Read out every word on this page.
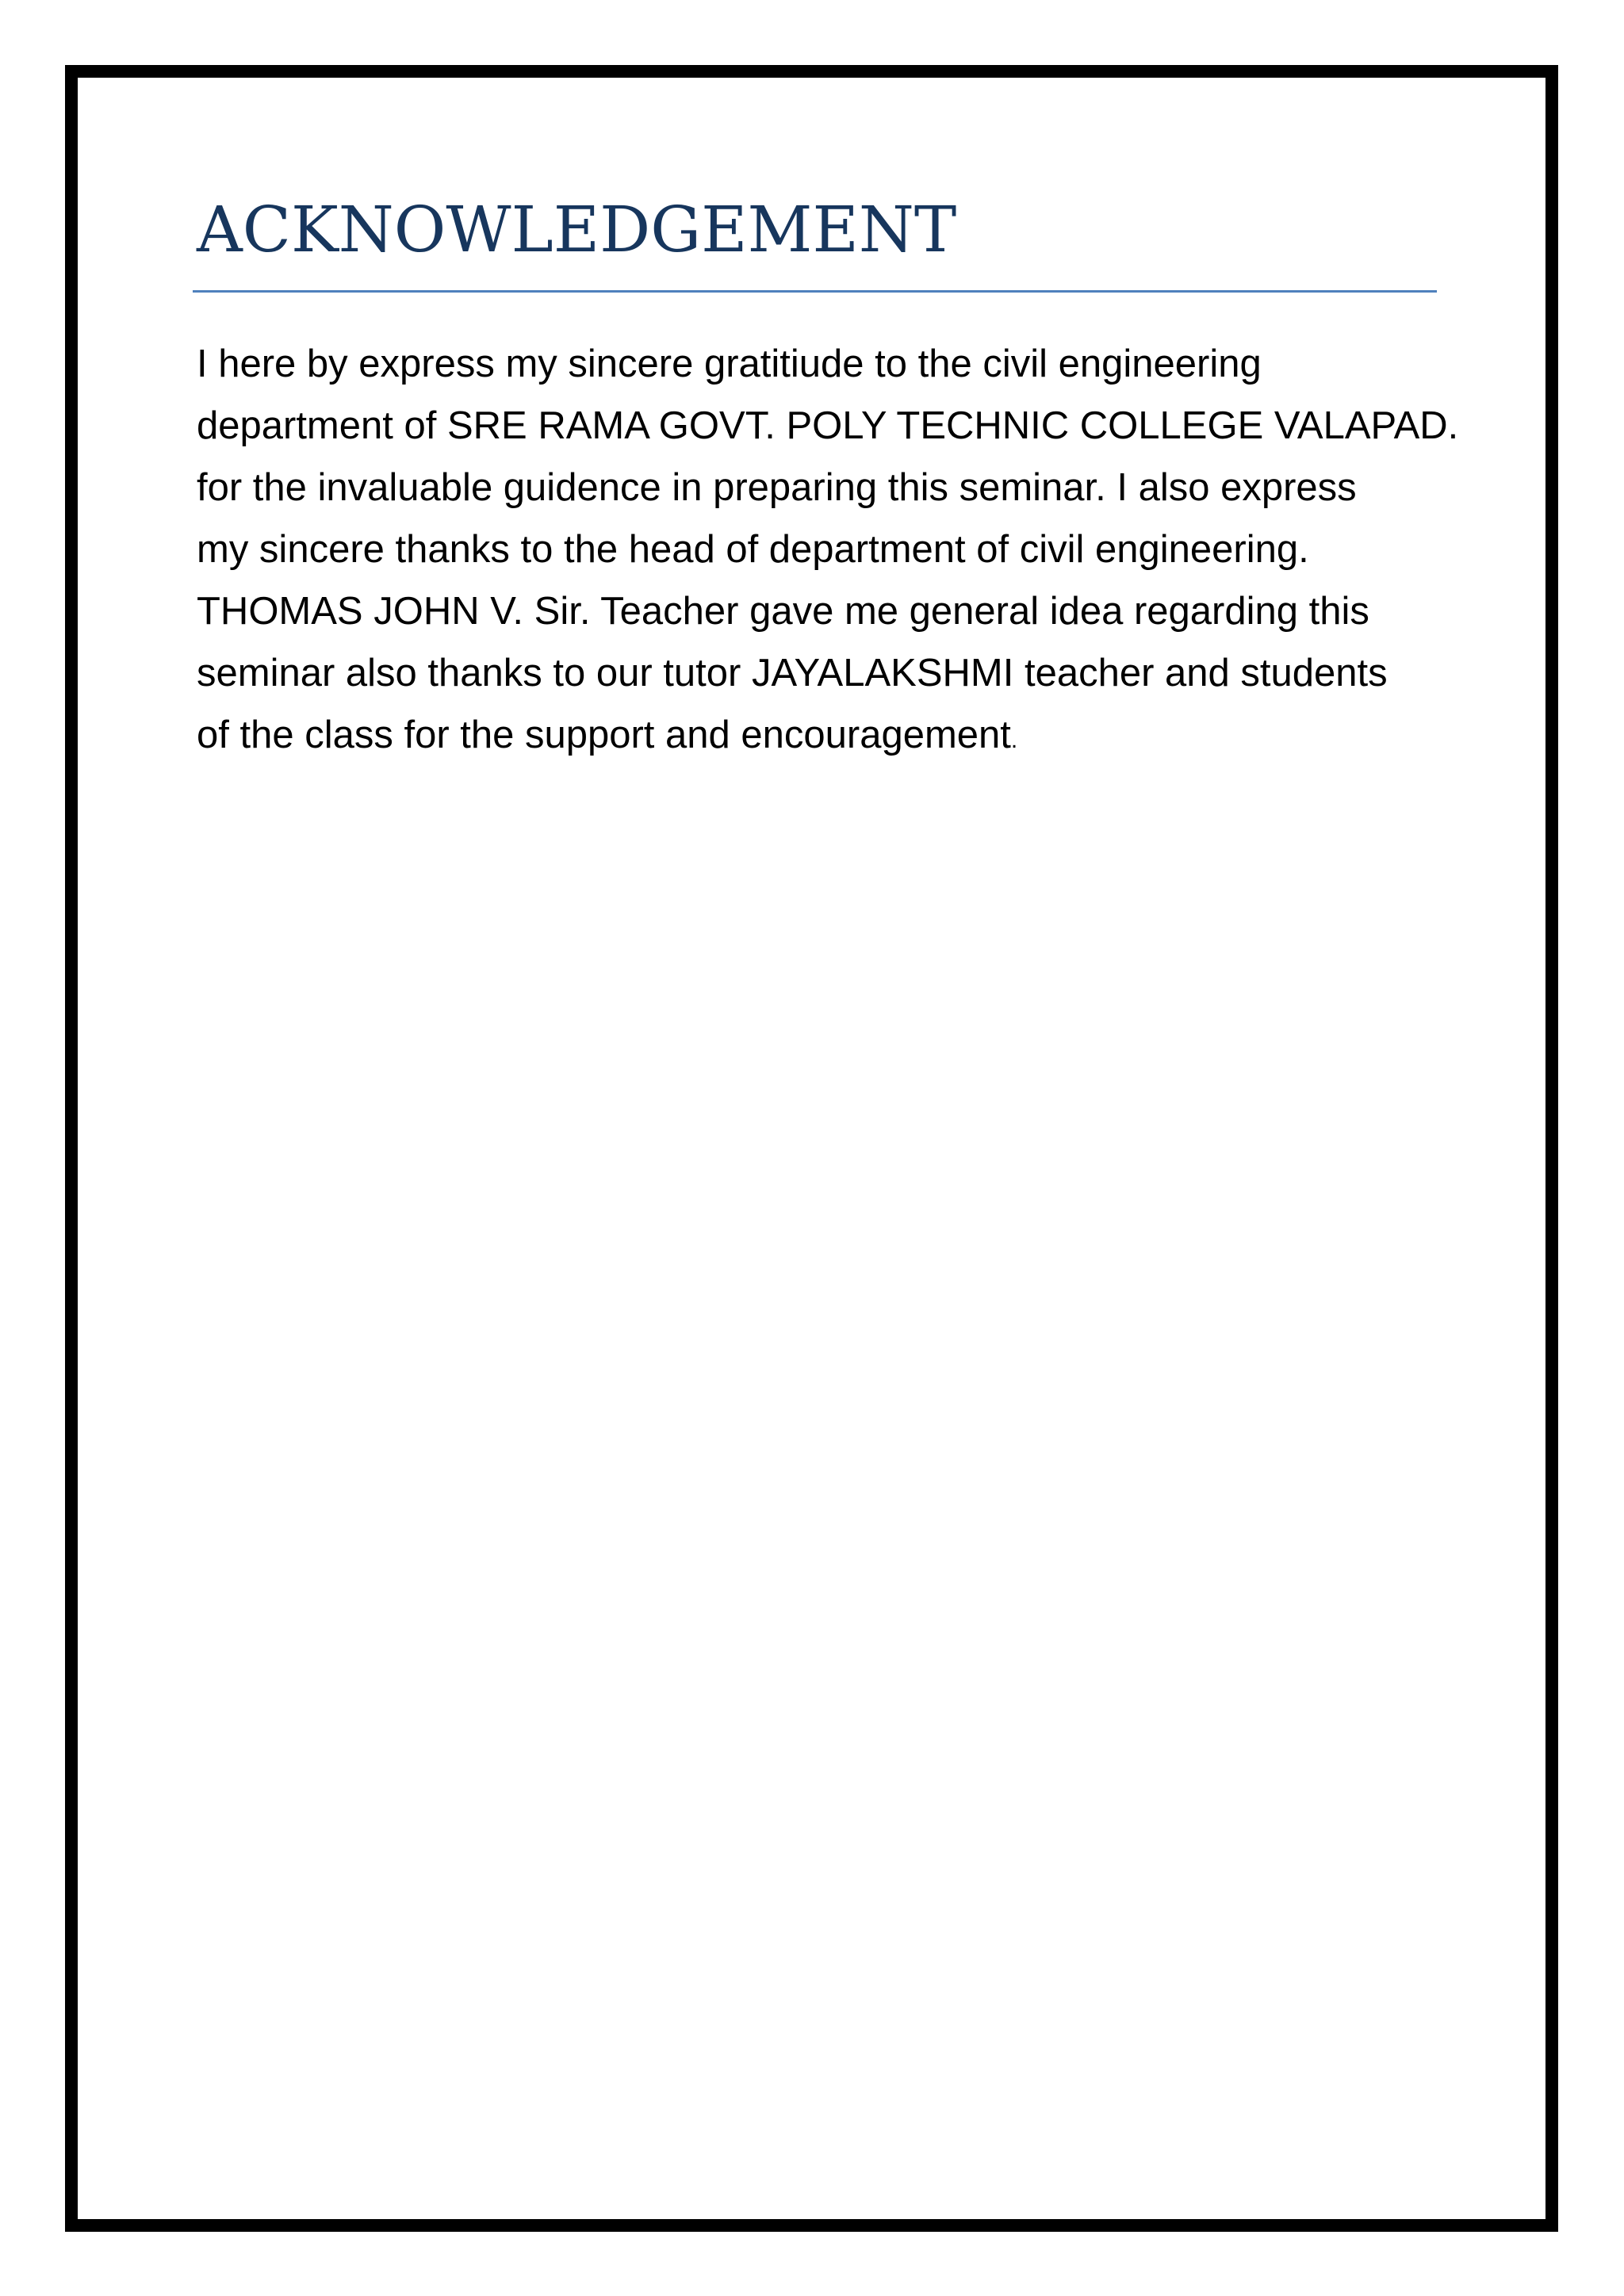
ACKNOWLEDGEMENT

I here by express my sincere gratitiude to the civil engineering
department of SRE RAMA GOVT. POLY TECHNIC COLLEGE VALAPAD.
for the invaluable guidence in preparing this seminar. I also express
my sincere thanks to the head of department of civil engineering.
THOMAS JOHN V. Sir. Teacher gave me general idea regarding this
seminar also thanks to our tutor JAYALAKSHMI teacher and students
of the class for the support and encouragement.
